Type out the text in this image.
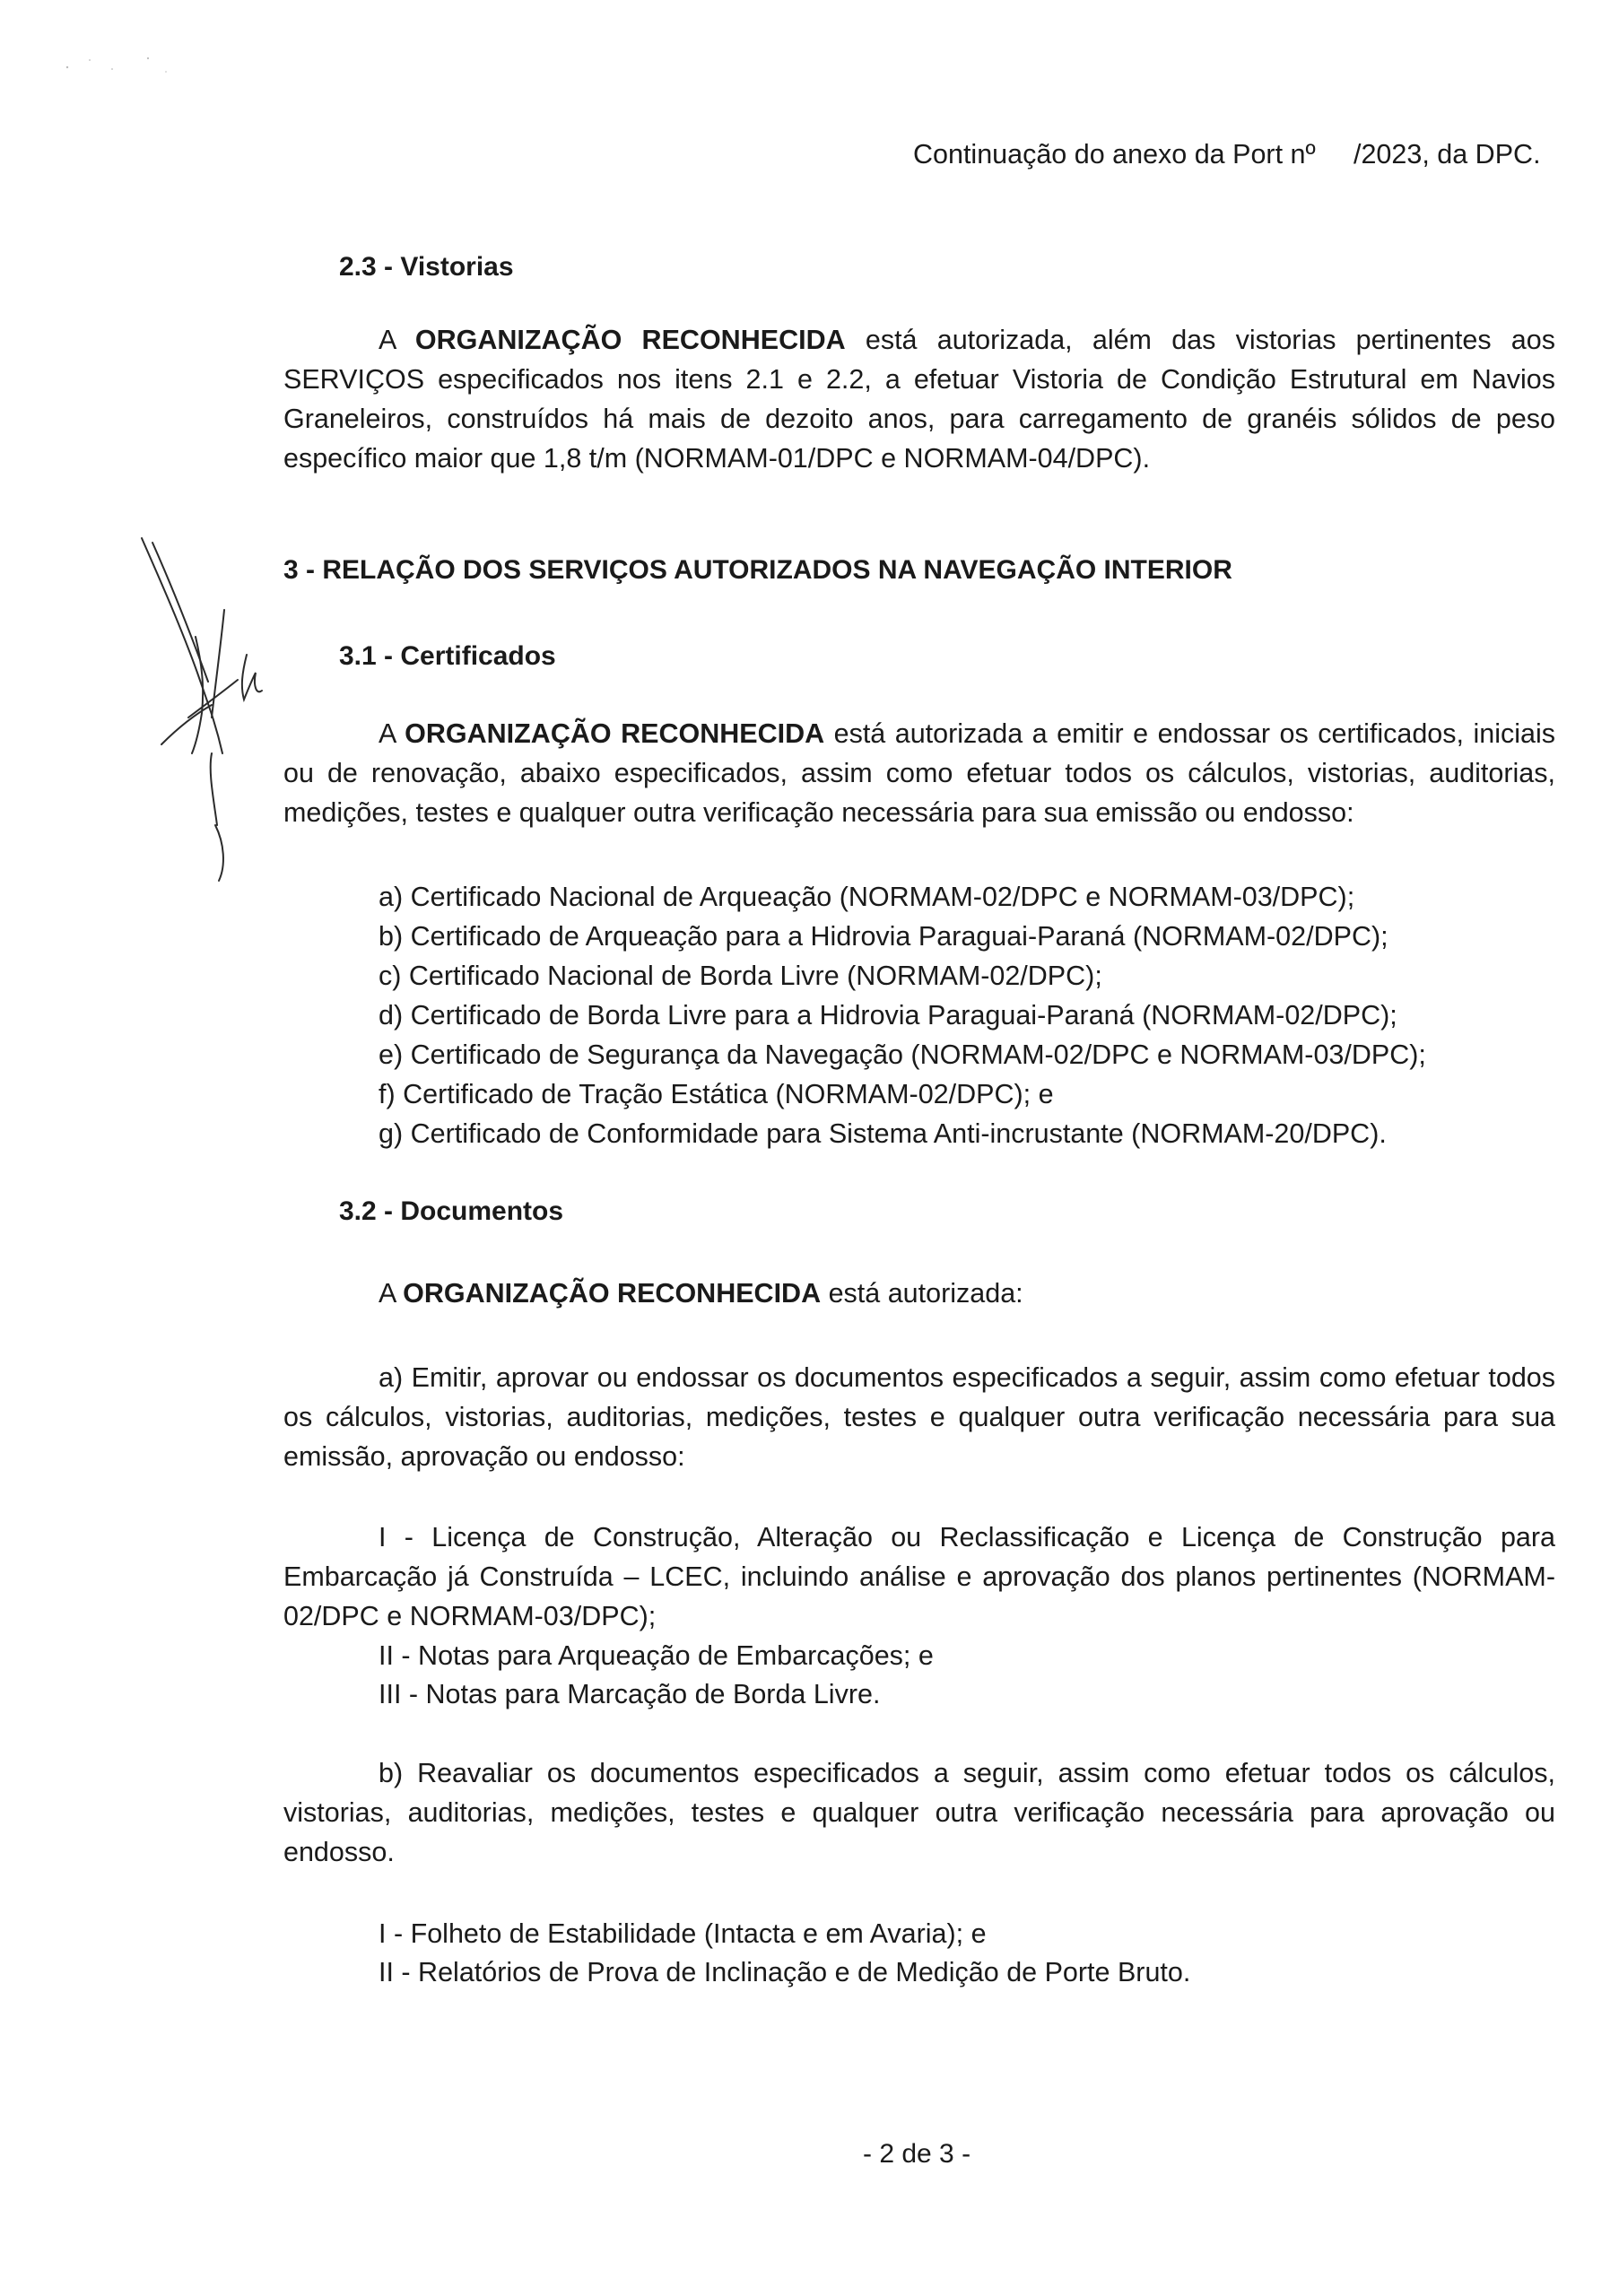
Continuação do anexo da Port nº /2023, da DPC.
2.3 - Vistorias
A ORGANIZAÇÃO RECONHECIDA está autorizada, além das vistorias pertinentes aos SERVIÇOS especificados nos itens 2.1 e 2.2, a efetuar Vistoria de Condição Estrutural em Navios Graneleiros, construídos há mais de dezoito anos, para carregamento de granéis sólidos de peso específico maior que 1,8 t/m (NORMAM-01/DPC e NORMAM-04/DPC).
3 - RELAÇÃO DOS SERVIÇOS AUTORIZADOS NA NAVEGAÇÃO INTERIOR
3.1 - Certificados
A ORGANIZAÇÃO RECONHECIDA está autorizada a emitir e endossar os certificados, iniciais ou de renovação, abaixo especificados, assim como efetuar todos os cálculos, vistorias, auditorias, medições, testes e qualquer outra verificação necessária para sua emissão ou endosso:
a) Certificado Nacional de Arqueação (NORMAM-02/DPC e NORMAM-03/DPC);
b) Certificado de Arqueação para a Hidrovia Paraguai-Paraná (NORMAM-02/DPC);
c) Certificado Nacional de Borda Livre (NORMAM-02/DPC);
d) Certificado de Borda Livre para a Hidrovia Paraguai-Paraná (NORMAM-02/DPC);
e) Certificado de Segurança da Navegação (NORMAM-02/DPC e NORMAM-03/DPC);
f) Certificado de Tração Estática (NORMAM-02/DPC); e
g) Certificado de Conformidade para Sistema Anti-incrustante (NORMAM-20/DPC).
3.2 - Documentos
A ORGANIZAÇÃO RECONHECIDA está autorizada:
a) Emitir, aprovar ou endossar os documentos especificados a seguir, assim como efetuar todos os cálculos, vistorias, auditorias, medições, testes e qualquer outra verificação necessária para sua emissão, aprovação ou endosso:
I - Licença de Construção, Alteração ou Reclassificação e Licença de Construção para Embarcação já Construída – LCEC, incluindo análise e aprovação dos planos pertinentes (NORMAM-02/DPC e NORMAM-03/DPC);
II - Notas para Arqueação de Embarcações; e
III - Notas para Marcação de Borda Livre.
b) Reavaliar os documentos especificados a seguir, assim como efetuar todos os cálculos, vistorias, auditorias, medições, testes e qualquer outra verificação necessária para aprovação ou endosso.
I - Folheto de Estabilidade (Intacta e em Avaria); e
II - Relatórios de Prova de Inclinação e de Medição de Porte Bruto.
- 2 de 3 -
